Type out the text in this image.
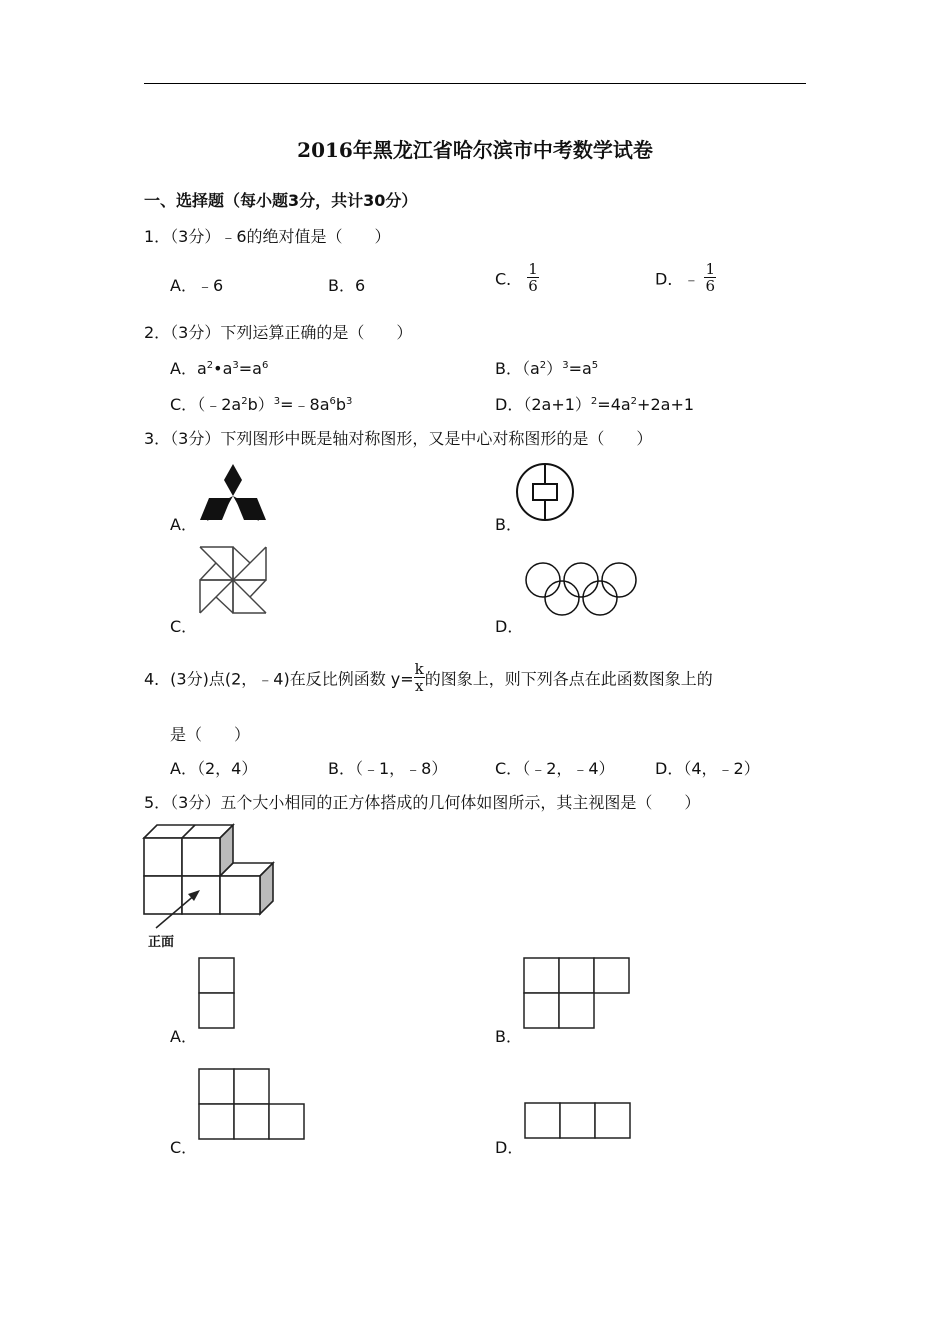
2016年黑龙江省哈尔滨市中考数学试卷
一、选择题（每小题3分，共计30分）
1．（3分）﹣6的绝对值是（　　）
A．﹣6	B．6	C． $\frac{1}{6}$	D．﹣ $\frac{1}{6}$
2．（3分）下列运算正确的是（　　）
A．$a^2•a^3=a^6$	B．$(a^2)^3=a^5$
C．$(﹣2a^2b)^3=﹣8a^6b^3$	D．$(2a+1)^2=4a^2+2a+1$
3．（3分）下列图形中既是轴对称图形，又是中心对称图形的是（　　）
A．	B．
C．	D．
4．(3分)点(2，﹣4)在反比例函数 $y= \frac{k}{x}$ 的图象上，则下列各点在此函数图象上的
是（　　）
A．（2，4）	B．（﹣1，﹣8）	C．（﹣2，﹣4）	D．（4，﹣2）
5．（3分）五个大小相同的正方体搭成的几何体如图所示，其主视图是（　　）
正面
A．	B．
C．	D．
